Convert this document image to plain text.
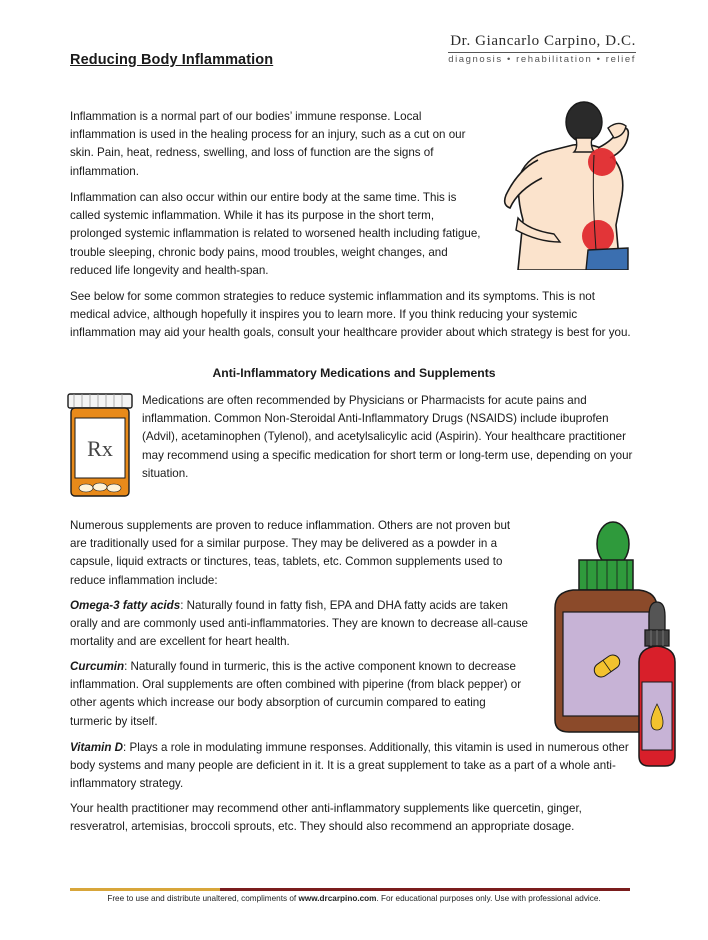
Reducing Body Inflammation
Dr. Giancarlo Carpino, D.C.
diagnosis • rehabilitation • relief
Inflammation is a normal part of our bodies’ immune response. Local inflammation is used in the healing process for an injury, such as a cut on our skin. Pain, heat, redness, swelling, and loss of function are the signs of inflammation.
Inflammation can also occur within our entire body at the same time. This is called systemic inflammation. While it has its purpose in the short term, prolonged systemic inflammation is related to worsened health including fatigue, trouble sleeping, chronic body pains, mood troubles, weight changes, and reduced life longevity and health-span.
See below for some common strategies to reduce systemic inflammation and its symptoms. This is not medical advice, although hopefully it inspires you to learn more. If you think reducing your systemic inflammation may aid your health goals, consult your healthcare provider about which strategy is best for you.
Anti-Inflammatory Medications and Supplements
Rx
Medications are often recommended by Physicians or Pharmacists for acute pains and inflammation. Common Non-Steroidal Anti-Inflammatory Drugs (NSAIDS) include ibuprofen (Advil), acetaminophen (Tylenol), and acetylsalicylic acid (Aspirin). Your healthcare practitioner may recommend using a specific medication for short term or long-term use, depending on your situation.
Numerous supplements are proven to reduce inflammation. Others are not proven but are traditionally used for a similar purpose. They may be delivered as a powder in a capsule, liquid extracts or tinctures, teas, tablets, etc. Common supplements used to reduce inflammation include:
Omega-3 fatty acids: Naturally found in fatty fish, EPA and DHA fatty acids are taken orally and are commonly used anti-inflammatories. They are known to decrease all-cause mortality and are excellent for heart health.
Curcumin: Naturally found in turmeric, this is the active component known to decrease inflammation. Oral supplements are often combined with piperine (from black pepper) or other agents which increase our body absorption of curcumin compared to eating turmeric by itself.
Vitamin D: Plays a role in modulating immune responses. Additionally, this vitamin is used in numerous other body systems and many people are deficient in it. It is a great supplement to take as a part of a whole anti-inflammatory strategy.
Your health practitioner may recommend other anti-inflammatory supplements like quercetin, ginger, resveratrol, artemisias, broccoli sprouts, etc. They should also recommend an appropriate dosage.
Free to use and distribute unaltered, compliments of www.drcarpino.com. For educational purposes only. Use with professional advice.
